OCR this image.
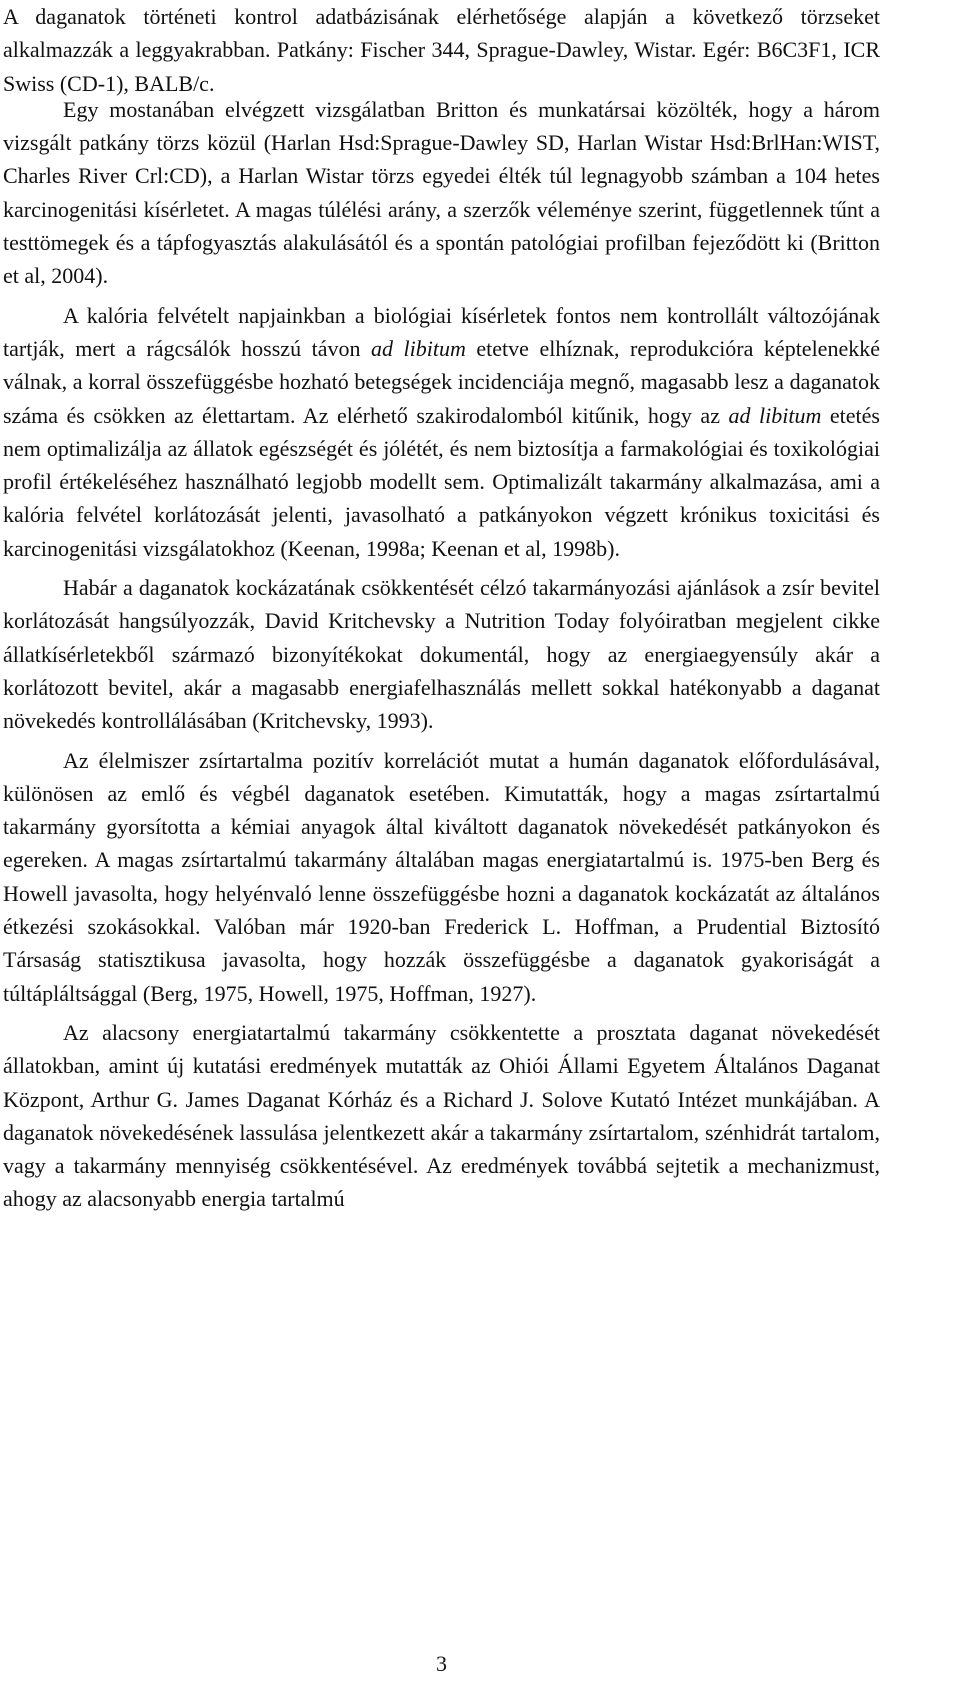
A daganatok történeti kontrol adatbázisának elérhetősége alapján a következő törzseket alkalmazzák a leggyakrabban. Patkány: Fischer 344, Sprague-Dawley, Wistar. Egér: B6C3F1, ICR Swiss (CD-1), BALB/c.

Egy mostanában elvégzett vizsgálatban Britton és munkatársai közölték, hogy a három vizsgált patkány törzs közül (Harlan Hsd:Sprague-Dawley SD, Harlan Wistar Hsd:BrlHan:WIST, Charles River Crl:CD), a Harlan Wistar törzs egyedei élték túl legnagyobb számban a 104 hetes karcinogenitási kísérletet. A magas túlélési arány, a szerzők véleménye szerint, függetlennek tűnt a testtömegek és a tápfogyasztás alakulásától és a spontán patológiai profilban fejeződött ki (Britton et al, 2004).

A kalória felvételt napjainkban a biológiai kísérletek fontos nem kontrollált változójának tartják, mert a rágcsálók hosszú távon ad libitum etetve elhíznak, reprodukcióra képtelenekké válnak, a korral összefüggésbe hozható betegségek incidenciája megnő, magasabb lesz a daganatok száma és csökken az élettartam. Az elérhető szakirodalomból kitűnik, hogy az ad libitum etetés nem optimalizálja az állatok egészségét és jólétét, és nem biztosítja a farmakológiai és toxikológiai profil értékeléséhez használható legjobb modellt sem. Optimalizált takarmány alkalmazása, ami a kalória felvétel korlátozását jelenti, javasolható a patkányokon végzett krónikus toxicitási és karcinogenitási vizsgálatokhoz (Keenan, 1998a; Keenan et al, 1998b).

Habár a daganatok kockázatának csökkentését célzó takarmányozási ajánlások a zsír bevitel korlátozását hangsúlyozzák, David Kritchevsky a Nutrition Today folyóiratban megjelent cikke állatkísérletekből származó bizonyítékokat dokumentál, hogy az energiaegyensúly akár a korlátozott bevitel, akár a magasabb energiafelhasználás mellett sokkal hatékonyabb a daganat növekedés kontrollálásában (Kritchevsky, 1993).

Az élelmiszer zsírtartalma pozitív korrelációt mutat a humán daganatok előfordulásával, különösen az emlő és végbél daganatok esetében. Kimutatták, hogy a magas zsírtartalmú takarmány gyorsította a kémiai anyagok által kiváltott daganatok növekedését patkányokon és egereken. A magas zsírtartalmú takarmány általában magas energiatartalmú is. 1975-ben Berg és Howell javasolta, hogy helyénvaló lenne összefüggésbe hozni a daganatok kockázatát az általános étkezési szokásokkal. Valóban már 1920-ban Frederick L. Hoffman, a Prudential Biztosító Társaság statisztikusa javasolta, hogy hozzák összefüggésbe a daganatok gyakoriságát a túltápláltsággal (Berg, 1975, Howell, 1975, Hoffman, 1927).

Az alacsony energiatartalmú takarmány csökkentette a prosztata daganat növekedését állatokban, amint új kutatási eredmények mutatták az Ohiói Állami Egyetem Általános Daganat Központ, Arthur G. James Daganat Kórház és a Richard J. Solove Kutató Intézet munkájában. A daganatok növekedésének lassulása jelentkezett akár a takarmány zsírtartalom, szénhidrát tartalom, vagy a takarmány mennyiség csökkentésével. Az eredmények továbbá sejtetik a mechanizmust, ahogy az alacsonyabb energia tartalmú

3
